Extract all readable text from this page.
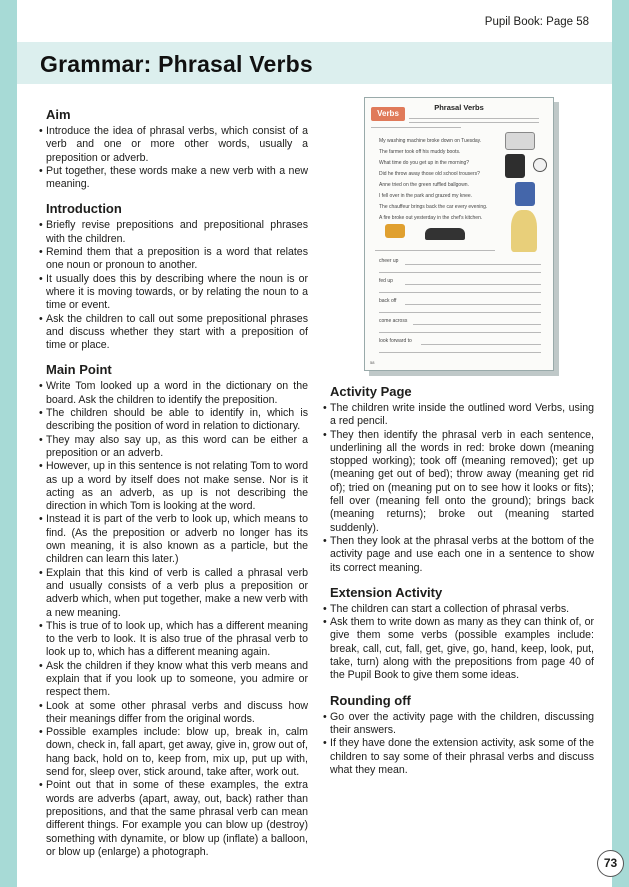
Pupil Book: Page 58
Grammar: Phrasal Verbs
Aim
• Introduce the idea of phrasal verbs, which consist of a verb and one or more other words, usually a preposition or adverb.
• Put together, these words make a new verb with a new meaning.
Introduction
• Briefly revise prepositions and prepositional phrases with the children.
• Remind them that a preposition is a word that relates one noun or pronoun to another.
• It usually does this by describing where the noun is or where it is moving towards, or by relating the noun to a time or event.
• Ask the children to call out some prepositional phrases and discuss whether they start with a preposition of time or place.
Main Point
• Write Tom looked up a word in the dictionary on the board. Ask the children to identify the preposition.
• The children should be able to identify in, which is describing the position of word in relation to dictionary.
• They may also say up, as this word can be either a preposition or an adverb.
• However, up in this sentence is not relating Tom to word as up a word by itself does not make sense. Nor is it acting as an adverb, as up is not describing the direction in which Tom is looking at the word.
• Instead it is part of the verb to look up, which means to find. (As the preposition or adverb no longer has its own meaning, it is also known as a particle, but the children can learn this later.)
• Explain that this kind of verb is called a phrasal verb and usually consists of a verb plus a preposition or adverb which, when put together, make a new verb with a new meaning.
• This is true of to look up, which has a different meaning to the verb to look. It is also true of the phrasal verb to look up to, which has a different meaning again.
• Ask the children if they know what this verb means and explain that if you look up to someone, you admire or respect them.
• Look at some other phrasal verbs and discuss how their meanings differ from the original words.
• Possible examples include: blow up, break in, calm down, check in, fall apart, get away, give in, grow out of, hang back, hold on to, keep from, mix up, put up with, send for, sleep over, stick around, take after, work out.
• Point out that in some of these examples, the extra words are adverbs (apart, away, out, back) rather than prepositions, and that the same phrasal verb can mean different things. For example you can blow up (destroy) something with dynamite, or blow up (inflate) a balloon, or blow up (enlarge) a photograph.
Verbs
Phrasal Verbs
My washing machine broke down on Tuesday.
The farmer took off his muddy boots.
What time do you get up in the morning?
Did he throw away those old school trousers?
Anne tried on the green ruffled ballgown.
I fell over in the park and grazed my knee.
The chauffeur brings back the car every evening.
A fire broke out yesterday in the chef's kitchen.
cheer up
fed up
back off
come across
look forward to
58
Activity Page
• The children write inside the outlined word Verbs, using a red pencil.
• They then identify the phrasal verb in each sentence, underlining all the words in red: broke down (meaning stopped working); took off (meaning removed); get up (meaning get out of bed); throw away (meaning get rid of); tried on (meaning put on to see how it looks or fits); fell over (meaning fell onto the ground); brings back (meaning returns); broke out (meaning started suddenly).
• Then they look at the phrasal verbs at the bottom of the activity page and use each one in a sentence to show its correct meaning.
Extension Activity
• The children can start a collection of phrasal verbs.
• Ask them to write down as many as they can think of, or give them some verbs (possible examples include: break, call, cut, fall, get, give, go, hand, keep, look, put, take, turn) along with the prepositions from page 40 of the Pupil Book to give them some ideas.
Rounding off
• Go over the activity page with the children, discussing their answers.
• If they have done the extension activity, ask some of the children to say some of their phrasal verbs and discuss what they mean.
73
